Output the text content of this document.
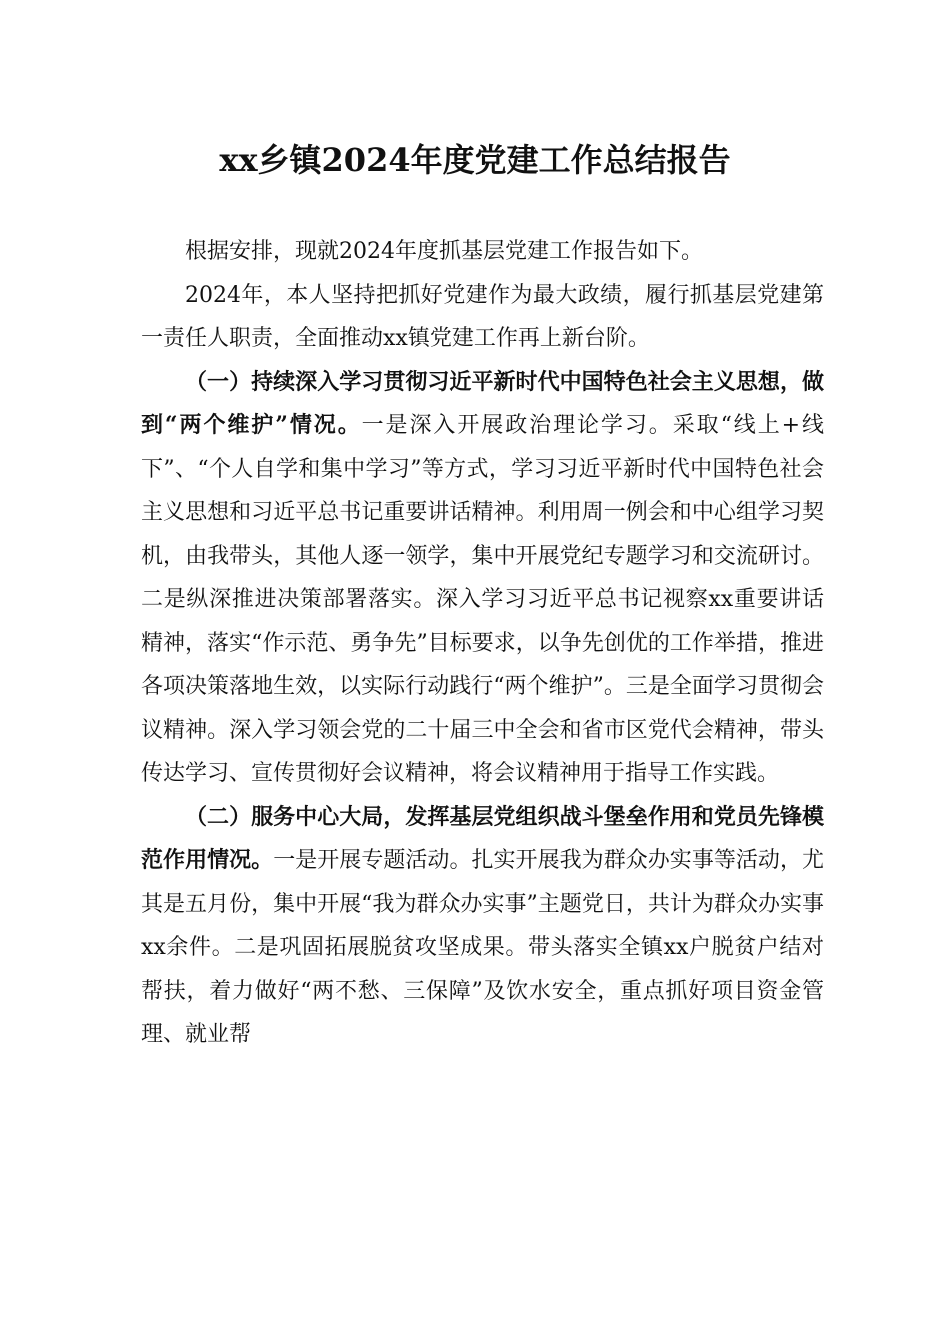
xx乡镇2024年度党建工作总结报告

根据安排，现就2024年度抓基层党建工作报告如下。

2024年，本人坚持把抓好党建作为最大政绩，履行抓基层党建第一责任人职责，全面推动xx镇党建工作再上新台阶。

（一）持续深入学习贯彻习近平新时代中国特色社会主义思想，做到“两个维护”情况。一是深入开展政治理论学习。采取“线上+线下”、“个人自学和集中学习”等方式，学习习近平新时代中国特色社会主义思想和习近平总书记重要讲话精神。利用周一例会和中心组学习契机，由我带头，其他人逐一领学，集中开展党纪专题学习和交流研讨。二是纵深推进决策部署落实。深入学习习近平总书记视察xx重要讲话精神，落实“作示范、勇争先”目标要求，以争先创优的工作举措，推进各项决策落地生效，以实际行动践行“两个维护”。三是全面学习贯彻会议精神。深入学习领会党的二十届三中全会和省市区党代会精神，带头传达学习、宣传贯彻好会议精神，将会议精神用于指导工作实践。

（二）服务中心大局，发挥基层党组织战斗堡垒作用和党员先锋模范作用情况。一是开展专题活动。扎实开展我为群众办实事等活动，尤其是五月份，集中开展“我为群众办实事”主题党日，共计为群众办实事xx余件。二是巩固拓展脱贫攻坚成果。带头落实全镇xx户脱贫户结对帮扶，着力做好“两不愁、三保障”及饮水安全，重点抓好项目资金管理、就业帮
